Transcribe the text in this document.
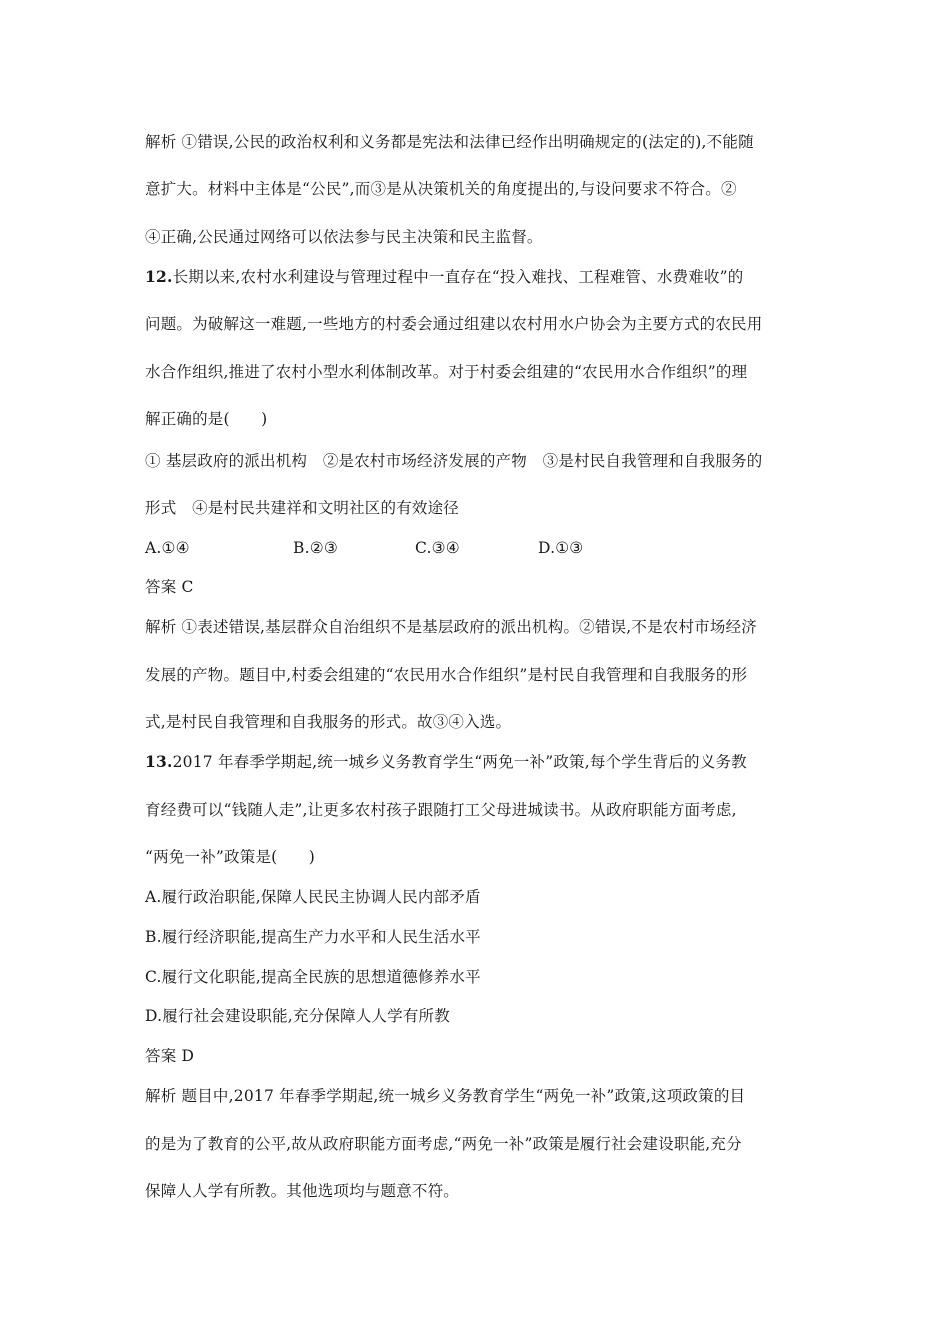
解析 ①错误,公民的政治权利和义务都是宪法和法律已经作出明确规定的(法定的),不能随
意扩大。材料中主体是“公民”,而③是从决策机关的角度提出的,与设问要求不符合。②
④正确,公民通过网络可以依法参与民主决策和民主监督。
12.长期以来,农村水利建设与管理过程中一直存在“投入难找、工程难管、水费难收”的
问题。为破解这一难题,一些地方的村委会通过组建以农村用水户协会为主要方式的农民用
水合作组织,推进了农村小型水利体制改革。对于村委会组建的“农民用水合作组织”的理
解正确的是(　　)
① 基层政府的派出机构　②是农村市场经济发展的产物　③是村民自我管理和自我服务的
形式　④是村民共建祥和文明社区的有效途径
A.①④	B.②③	C.③④	D.①③
答案 C
解析 ①表述错误,基层群众自治组织不是基层政府的派出机构。②错误,不是农村市场经济
发展的产物。题目中,村委会组建的“农民用水合作组织”是村民自我管理和自我服务的形
式,是村民自我管理和自我服务的形式。故③④入选。
13.2017 年春季学期起,统一城乡义务教育学生“两免一补”政策,每个学生背后的义务教
育经费可以“钱随人走”,让更多农村孩子跟随打工父母进城读书。从政府职能方面考虑,
“两免一补”政策是(　　)
A.履行政治职能,保障人民民主协调人民内部矛盾
B.履行经济职能,提高生产力水平和人民生活水平
C.履行文化职能,提高全民族的思想道德修养水平
D.履行社会建设职能,充分保障人人学有所教
答案 D
解析 题目中,2017 年春季学期起,统一城乡义务教育学生“两免一补”政策,这项政策的目
的是为了教育的公平,故从政府职能方面考虑,“两免一补”政策是履行社会建设职能,充分
保障人人学有所教。其他选项均与题意不符。
